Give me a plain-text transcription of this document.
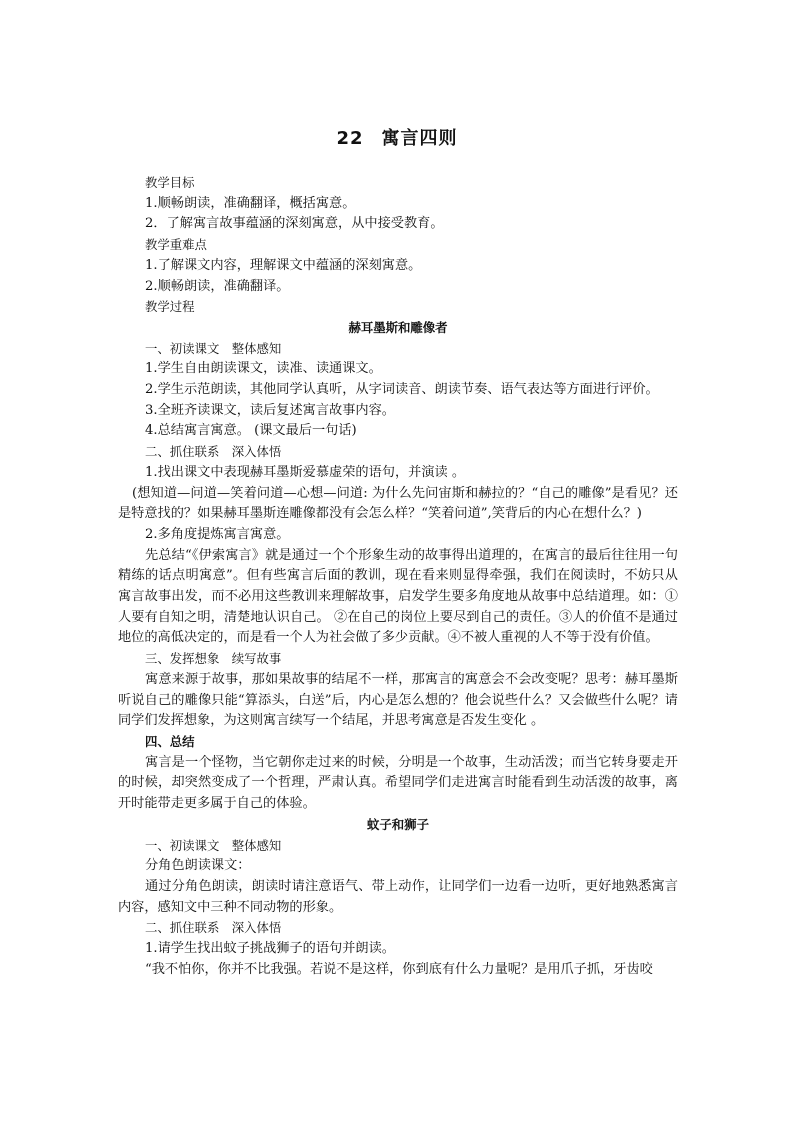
22 寓言四则

教学目标

1.顺畅朗读，准确翻译，概括寓意。

2．了解寓言故事蕴涵的深刻寓意，从中接受教育。

教学重难点

1.了解课文内容，理解课文中蕴涵的深刻寓意。

2.顺畅朗读，准确翻译。

教学过程

赫耳墨斯和雕像者

一、初读课文　整体感知

1.学生自由朗读课文，读准、读通课文。

2.学生示范朗读，其他同学认真听，从字词读音、朗读节奏、语气表达等方面进行评价。

3.全班齐读课文，读后复述寓言故事内容。

4.总结寓言寓意。 (课文最后一句话)

二、抓住联系　深入体悟

1.找出课文中表现赫耳墨斯爱慕虚荣的语句，并演读 。

(想知道—问道—笑着问道—心想—问道: 为什么先问宙斯和赫拉的？“自己的雕像”是看见？还是特意找的？如果赫耳墨斯连雕像都没有会怎么样？“笑着问道”,笑背后的内心在想什么？)

2.多角度提炼寓言寓意。

先总结“《伊索寓言》就是通过一个个形象生动的故事得出道理的，在寓言的最后往往用一句精练的话点明寓意”。但有些寓言后面的教训，现在看来则显得牵强，我们在阅读时，不妨只从寓言故事出发，而不必用这些教训来理解故事，启发学生要多角度地从故事中总结道理。如：①人要有自知之明，清楚地认识自己。 ②在自己的岗位上要尽到自己的责任。③人的价值不是通过地位的高低决定的，而是看一个人为社会做了多少贡献。④不被人重视的人不等于没有价值。

三、发挥想象　续写故事

寓意来源于故事，那如果故事的结尾不一样，那寓言的寓意会不会改变呢？思考：赫耳墨斯听说自己的雕像只能“算添头，白送”后，内心是怎么想的？他会说些什么？又会做些什么呢？请同学们发挥想象，为这则寓言续写一个结尾，并思考寓意是否发生变化 。

四、总结

寓言是一个怪物，当它朝你走过来的时候，分明是一个故事，生动活泼；而当它转身要走开的时候，却突然变成了一个哲理，严肃认真。希望同学们走进寓言时能看到生动活泼的故事，离开时能带走更多属于自己的体验。

蚊子和狮子

一、初读课文　整体感知

分角色朗读课文：

通过分角色朗读，朗读时请注意语气、带上动作，让同学们一边看一边听，更好地熟悉寓言内容，感知文中三种不同动物的形象。

二、抓住联系　深入体悟

1.请学生找出蚊子挑战狮子的语句并朗读。

“我不怕你，你并不比我强。若说不是这样，你到底有什么力量呢？是用爪子抓，牙齿咬
